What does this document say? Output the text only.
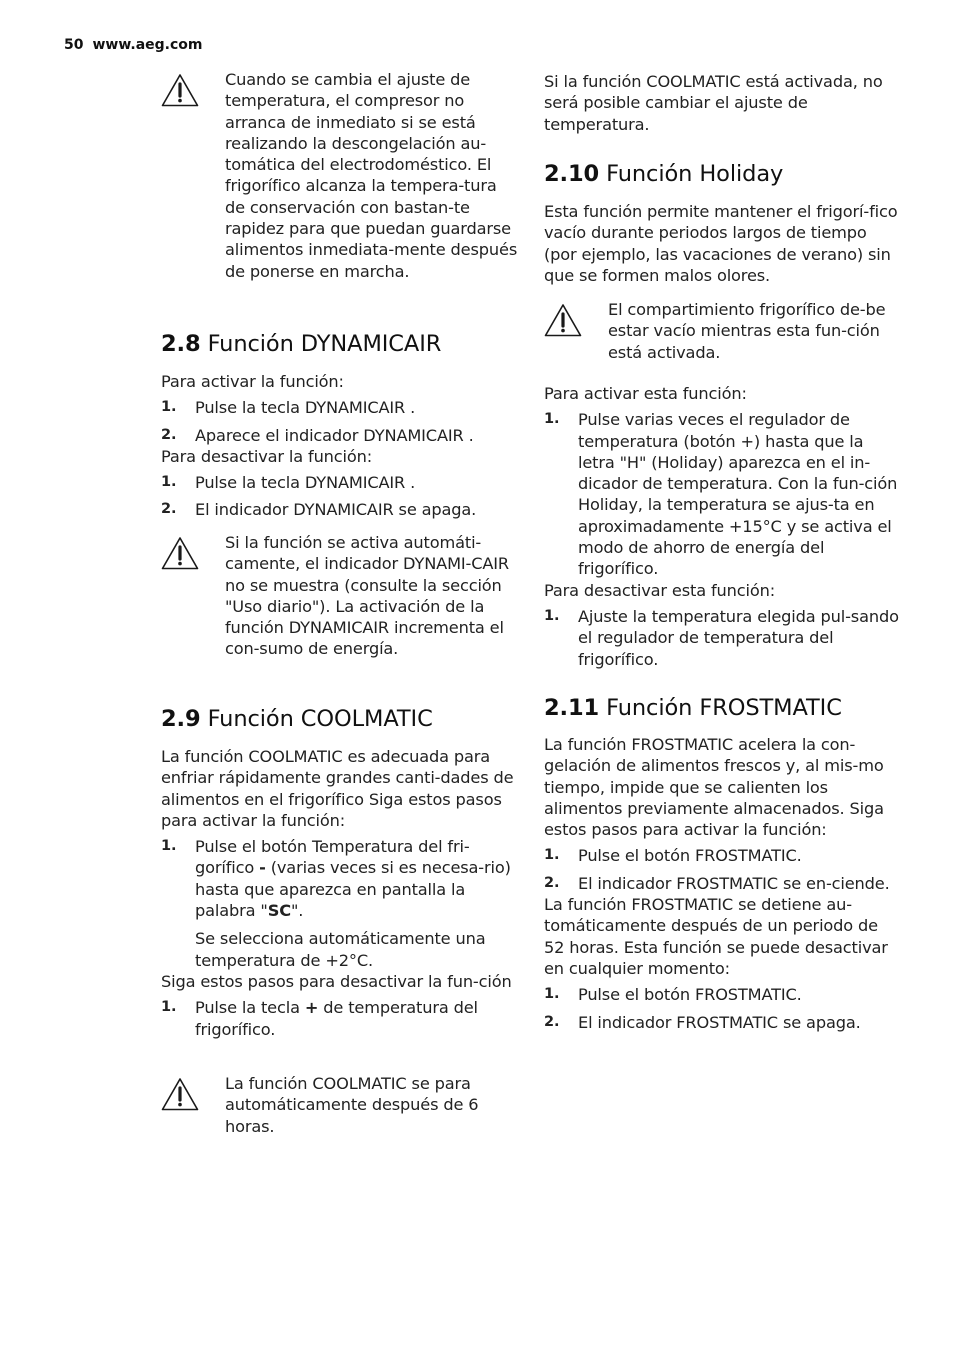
50 www.aeg.com

Cuando se cambia el ajuste de temperatura, el compresor no arranca de inmediato si se está realizando la descongelación au-tomática del electrodoméstico. El frigorífico alcanza la tempera-tura de conservación con bastan-te rapidez para que puedan guardarse alimentos inmediata-mente después de ponerse en marcha.

2.8 Función DYNAMICAIR

Para activar la función:

1. Pulse la tecla DYNAMICAIR .
2. Aparece el indicador DYNAMICAIR .

Para desactivar la función:

1. Pulse la tecla DYNAMICAIR .
2. El indicador DYNAMICAIR se apaga.

Si la función se activa automáti-camente, el indicador DYNAMI-CAIR no se muestra (consulte la sección "Uso diario"). La activación de la función DYNAMICAIR incrementa el con-sumo de energía.

2.9 Función COOLMATIC

La función COOLMATIC es adecuada para enfriar rápidamente grandes canti-dades de alimentos en el frigorífico Siga estos pasos para activar la función:

1. Pulse el botón Temperatura del fri-gorífico - (varias veces si es necesa-rio) hasta que aparezca en pantalla la palabra "SC".

Se selecciona automáticamente una temperatura de +2°C.

Siga estos pasos para desactivar la fun-ción

1. Pulse la tecla + de temperatura del frigorífico.

La función COOLMATIC se para automáticamente después de 6 horas.

Si la función COOLMATIC está activada, no será posible cambiar el ajuste de temperatura.

2.10 Función Holiday

Esta función permite mantener el frigorí-fico vacío durante periodos largos de tiempo (por ejemplo, las vacaciones de verano) sin que se formen malos olores.

El compartimiento frigorífico de-be estar vacío mientras esta fun-ción está activada.

Para activar esta función:

1. Pulse varias veces el regulador de temperatura (botón +) hasta que la letra "H" (Holiday) aparezca en el in-dicador de temperatura. Con la fun-ción Holiday, la temperatura se ajus-ta en aproximadamente +15°C y se activa el modo de ahorro de energía del frigorífico.

Para desactivar esta función:

1. Ajuste la temperatura elegida pul-sando el regulador de temperatura del frigorífico.
2.11 Función FROSTMATIC

La función FROSTMATIC acelera la con-gelación de alimentos frescos y, al mis-mo tiempo, impide que se calienten los alimentos previamente almacenados. Siga estos pasos para activar la función:

1. Pulse el botón FROSTMATIC.
2. El indicador FROSTMATIC se en-ciende.

La función FROSTMATIC se detiene au-tomáticamente después de un periodo de 52 horas. Esta función se puede desactivar en cualquier momento:

1. Pulse el botón FROSTMATIC.
2. El indicador FROSTMATIC se apaga.
